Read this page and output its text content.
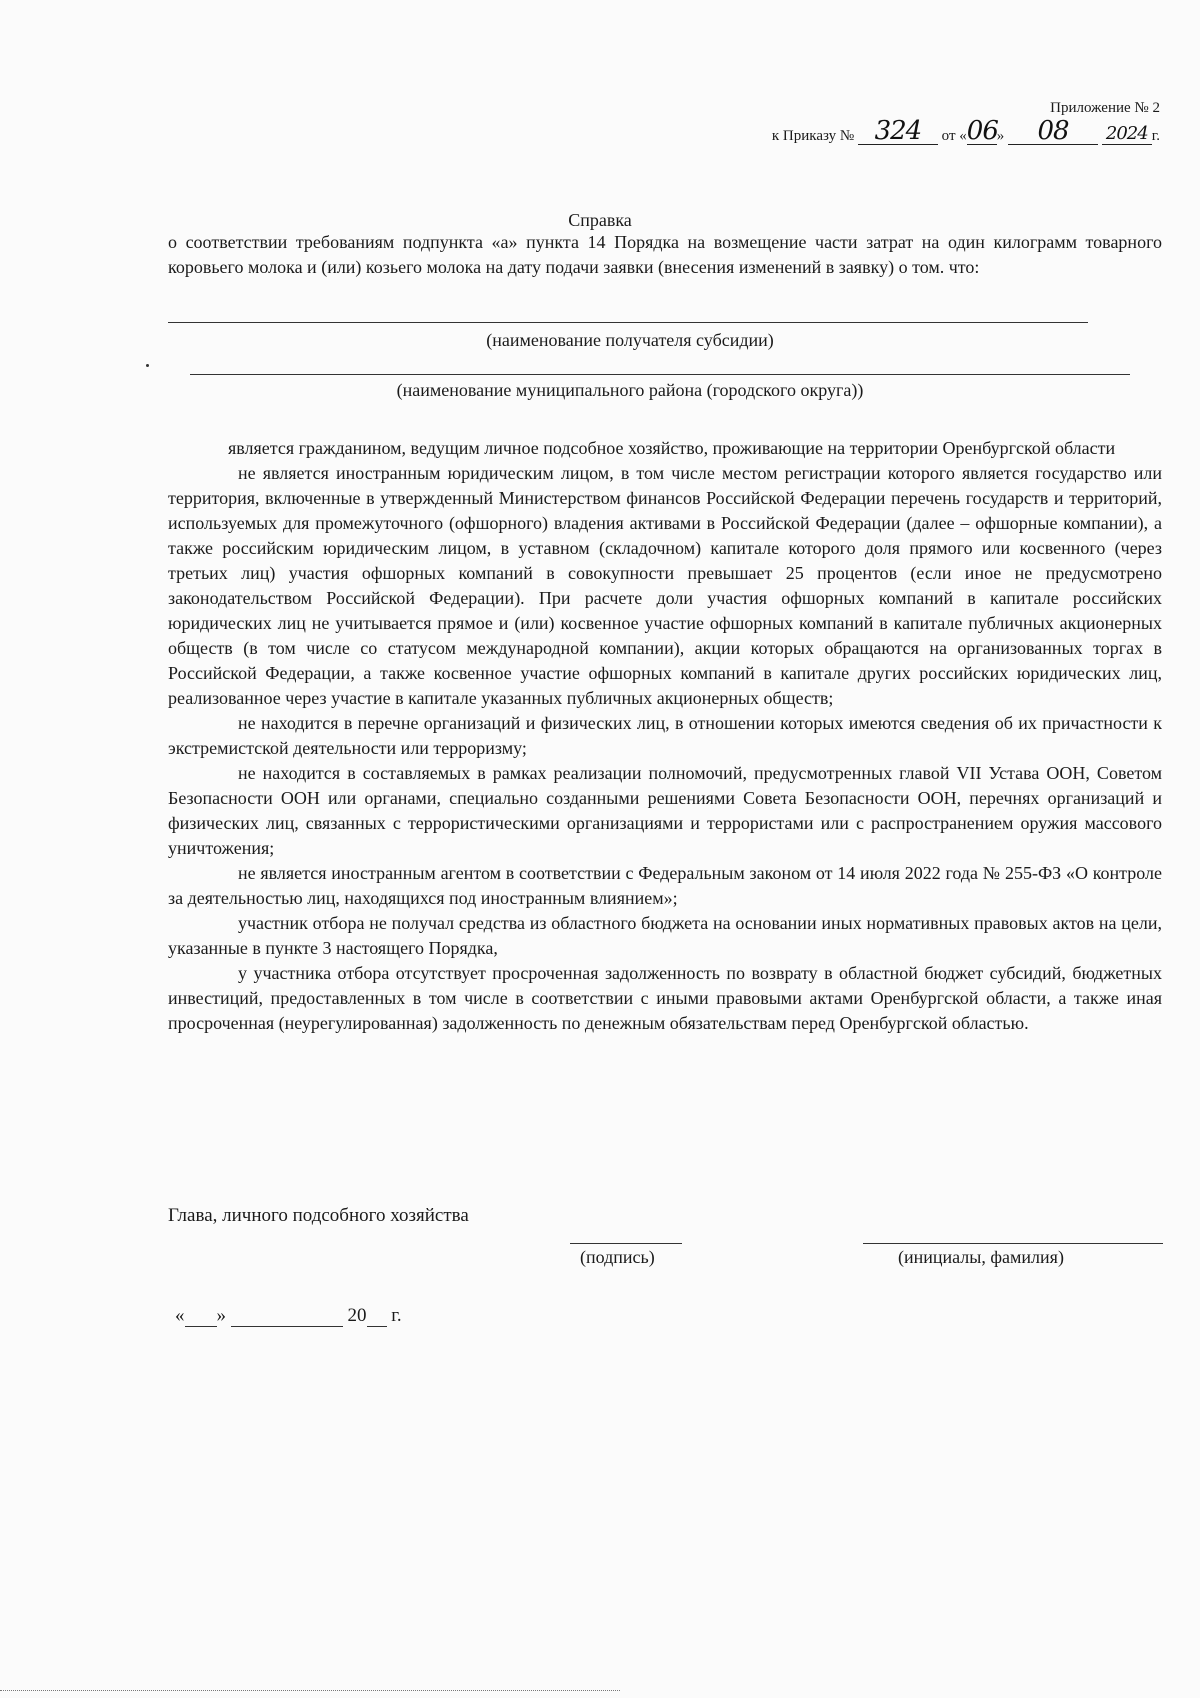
Приложение № 2
к Приказу № 324 от «06» 08 2024 г.
Справка
о соответствии требованиям подпункта «а» пункта 14 Порядка на возмещение части затрат на один килограмм товарного коровьего молока и (или) козьего молока на дату подачи заявки (внесения изменений в заявку) о том. что:
(наименование получателя субсидии)
(наименование муниципального района (городского округа))

является гражданином, ведущим личное подсобное хозяйство, проживающие на территории Оренбургской области

не является иностранным юридическим лицом, в том числе местом регистрации которого является государство или территория, включенные в утвержденный Министерством финансов Российской Федерации перечень государств и территорий, используемых для промежуточного (офшорного) владения активами в Российской Федерации (далее – офшорные компании), а также российским юридическим лицом, в уставном (складочном) капитале которого доля прямого или косвенного (через третьих лиц) участия офшорных компаний в совокупности превышает 25 процентов (если иное не предусмотрено законодательством Российской Федерации). При расчете доли участия офшорных компаний в капитале российских юридических лиц не учитывается прямое и (или) косвенное участие офшорных компаний в капитале публичных акционерных обществ (в том числе со статусом международной компании), акции которых обращаются на организованных торгах в Российской Федерации, а также косвенное участие офшорных компаний в капитале других российских юридических лиц, реализованное через участие в капитале указанных публичных акционерных обществ;

не находится в перечне организаций и физических лиц, в отношении которых имеются сведения об их причастности к экстремистской деятельности или терроризму;

не находится в составляемых в рамках реализации полномочий, предусмотренных главой VII Устава ООН, Советом Безопасности ООН или органами, специально созданными решениями Совета Безопасности ООН, перечнях организаций и физических лиц, связанных с террористическими организациями и террористами или с распространением оружия массового уничтожения;

не является иностранным агентом в соответствии с Федеральным законом от 14 июля 2022 года № 255-ФЗ «О контроле за деятельностью лиц, находящихся под иностранным влиянием»;

участник отбора не получал средства из областного бюджета на основании иных нормативных правовых актов на цели, указанные в пункте 3 настоящего Порядка,

у участника отбора отсутствует просроченная задолженность по возврату в областной бюджет субсидий, бюджетных инвестиций, предоставленных в том числе в соответствии с иными правовыми актами Оренбургской области, а также иная просроченная (неурегулированная) задолженность по денежным обязательствам перед Оренбургской областью.

Глава, личного подсобного хозяйства
(подпись)	(инициалы, фамилия)
« »	20 г.
